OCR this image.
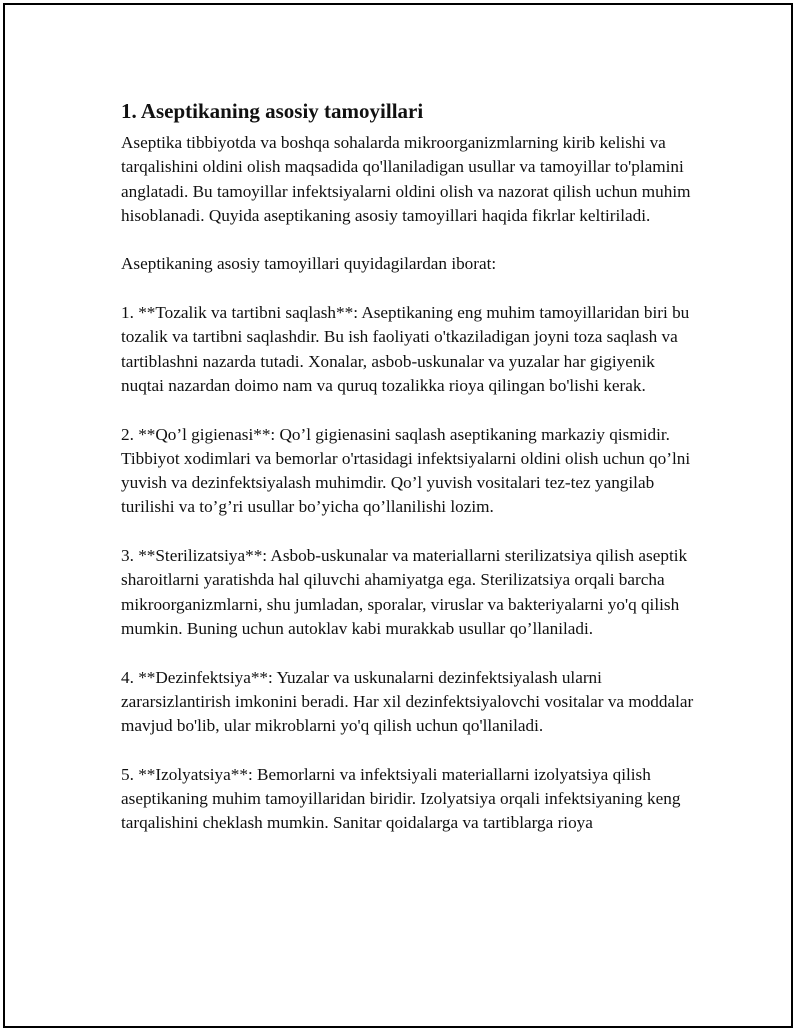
1. Aseptikaning asosiy tamoyillari

Aseptika tibbiyotda va boshqa sohalarda mikroorganizmlarning kirib kelishi va tarqalishini oldini olish maqsadida qo'llaniladigan usullar va tamoyillar to'plamini anglatadi. Bu tamoyillar infektsiyalarni oldini olish va nazorat qilish uchun muhim hisoblanadi. Quyida aseptikaning asosiy tamoyillari haqida fikrlar keltiriladi.

Aseptikaning asosiy tamoyillari quyidagilardan iborat:

1. **Tozalik va tartibni saqlash**: Aseptikaning eng muhim tamoyillaridan biri bu tozalik va tartibni saqlashdir. Bu ish faoliyati o'tkaziladigan joyni toza saqlash va tartiblashni nazarda tutadi. Xonalar, asbob-uskunalar va yuzalar har gigiyenik nuqtai nazardan doimo nam va quruq tozalikka rioya qilingan bo'lishi kerak.

2. **Qo’l gigienasi**: Qo’l gigienasini saqlash aseptikaning markaziy qismidir. Tibbiyot xodimlari va bemorlar o'rtasidagi infektsiyalarni oldini olish uchun qo’lni yuvish va dezinfektsiyalash muhimdir. Qo’l yuvish vositalari tez-tez yangilab turilishi va to’g’ri usullar bo’yicha qo’llanilishi lozim.

3. **Sterilizatsiya**: Asbob-uskunalar va materiallarni sterilizatsiya qilish aseptik sharoitlarni yaratishda hal qiluvchi ahamiyatga ega. Sterilizatsiya orqali barcha mikroorganizmlarni, shu jumladan, sporalar, viruslar va bakteriyalarni yo'q qilish mumkin. Buning uchun autoklav kabi murakkab usullar qo’llaniladi.

4. **Dezinfektsiya**: Yuzalar va uskunalarni dezinfektsiyalash ularni zararsizlantirish imkonini beradi. Har xil dezinfektsiyalovchi vositalar va moddalar mavjud bo'lib, ular mikroblarni yo'q qilish uchun qo'llaniladi.

5. **Izolyatsiya**: Bemorlarni va infektsiyali materiallarni izolyatsiya qilish aseptikaning muhim tamoyillaridan biridir. Izolyatsiya orqali infektsiyaning keng tarqalishini cheklash mumkin. Sanitar qoidalarga va tartiblarga rioya
